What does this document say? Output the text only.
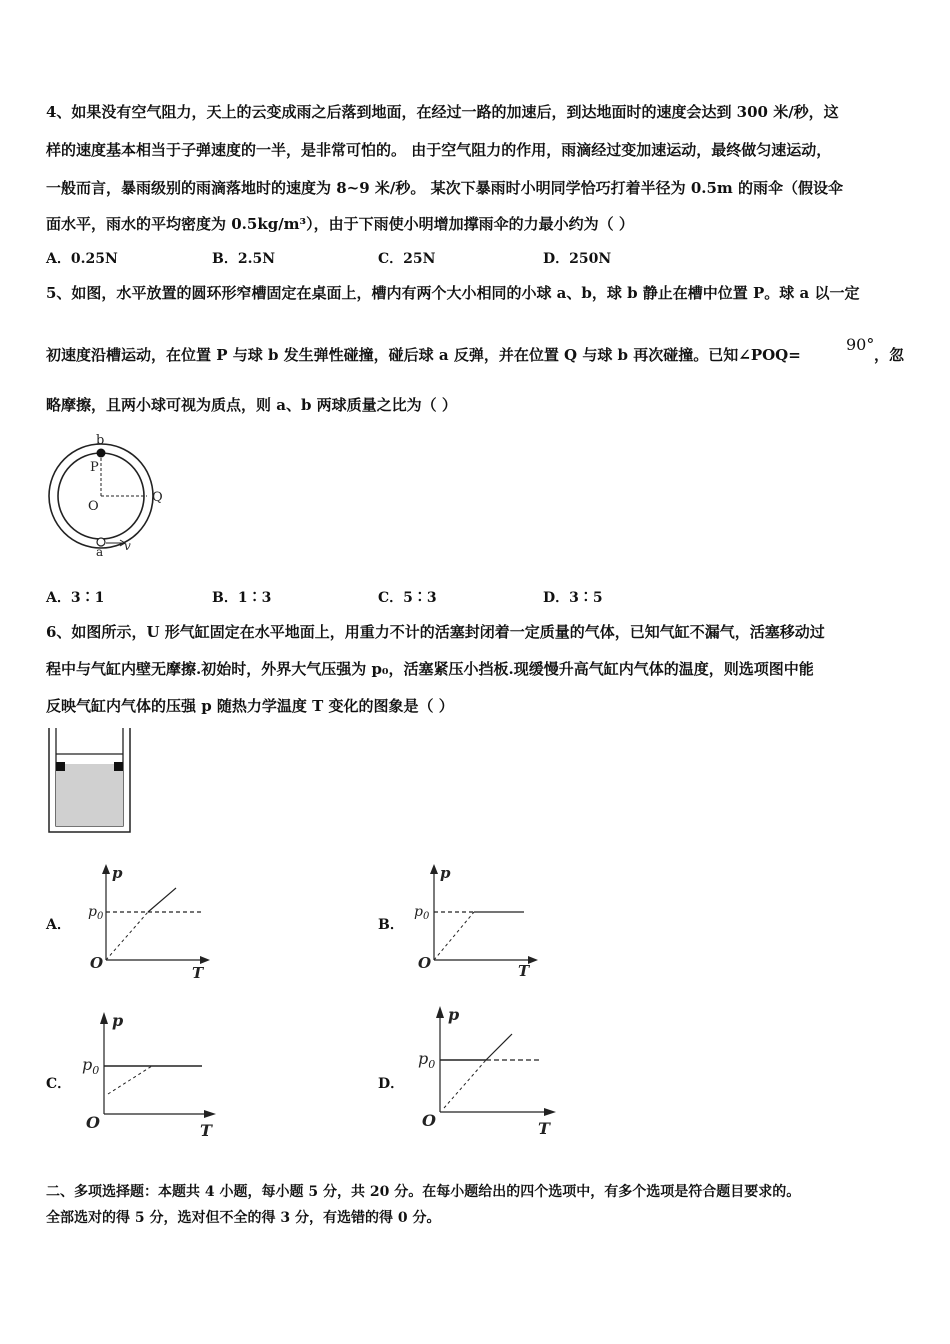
4、如果没有空气阻力，天上的云变成雨之后落到地面，在经过一路的加速后，到达地面时的速度会达到 300 米/秒，这
样的速度基本相当于子弹速度的一半，是非常可怕的。 由于空气阻力的作用，雨滴经过变加速运动，最终做匀速运动，
一般而言，暴雨级别的雨滴落地时的速度为 8~9 米/秒。 某次下暴雨时小明同学恰巧打着半径为 0.5m 的雨伞（假设伞
面水平，雨水的平均密度为 0.5kg/m³），由于下雨使小明增加撑雨伞的力最小约为（ ）
A．0.25N	B．2.5N	C．25N	D．250N
5、如图，水平放置的圆环形窄槽固定在桌面上，槽内有两个大小相同的小球 a、b，球 b 静止在槽中位置 P。球 a 以一定
初速度沿槽运动，在位置 P 与球 b 发生弹性碰撞，碰后球 a 反弹，并在位置 Q 与球 b 再次碰撞。已知∠POQ=
90°
，忽
略摩擦，且两小球可视为质点，则 a、b 两球质量之比为（ ）
b
P
O
Q
a v
A．3∶1	B．1∶3	C．5∶3	D．3∶5
6、如图所示，U 形气缸固定在水平地面上，用重力不计的活塞封闭着一定质量的气体，已知气缸不漏气，活塞移动过
程中与气缸内壁无摩擦.初始时，外界大气压强为 p₀，活塞紧压小挡板.现缓慢升高气缸内气体的温度，则选项图中能
反映气缸内气体的压强 p 随热力学温度 T 变化的图象是（ ）
A．
p
$p_0$
O
T
B．
p
$p_0$
O	T
C．
p
$p_0$
O	T
D．
p
$p_0$
O	T
二、多项选择题：本题共 4 小题，每小题 5 分，共 20 分。在每小题给出的四个选项中，有多个选项是符合题目要求的。
全部选对的得 5 分，选对但不全的得 3 分，有选错的得 0 分。
